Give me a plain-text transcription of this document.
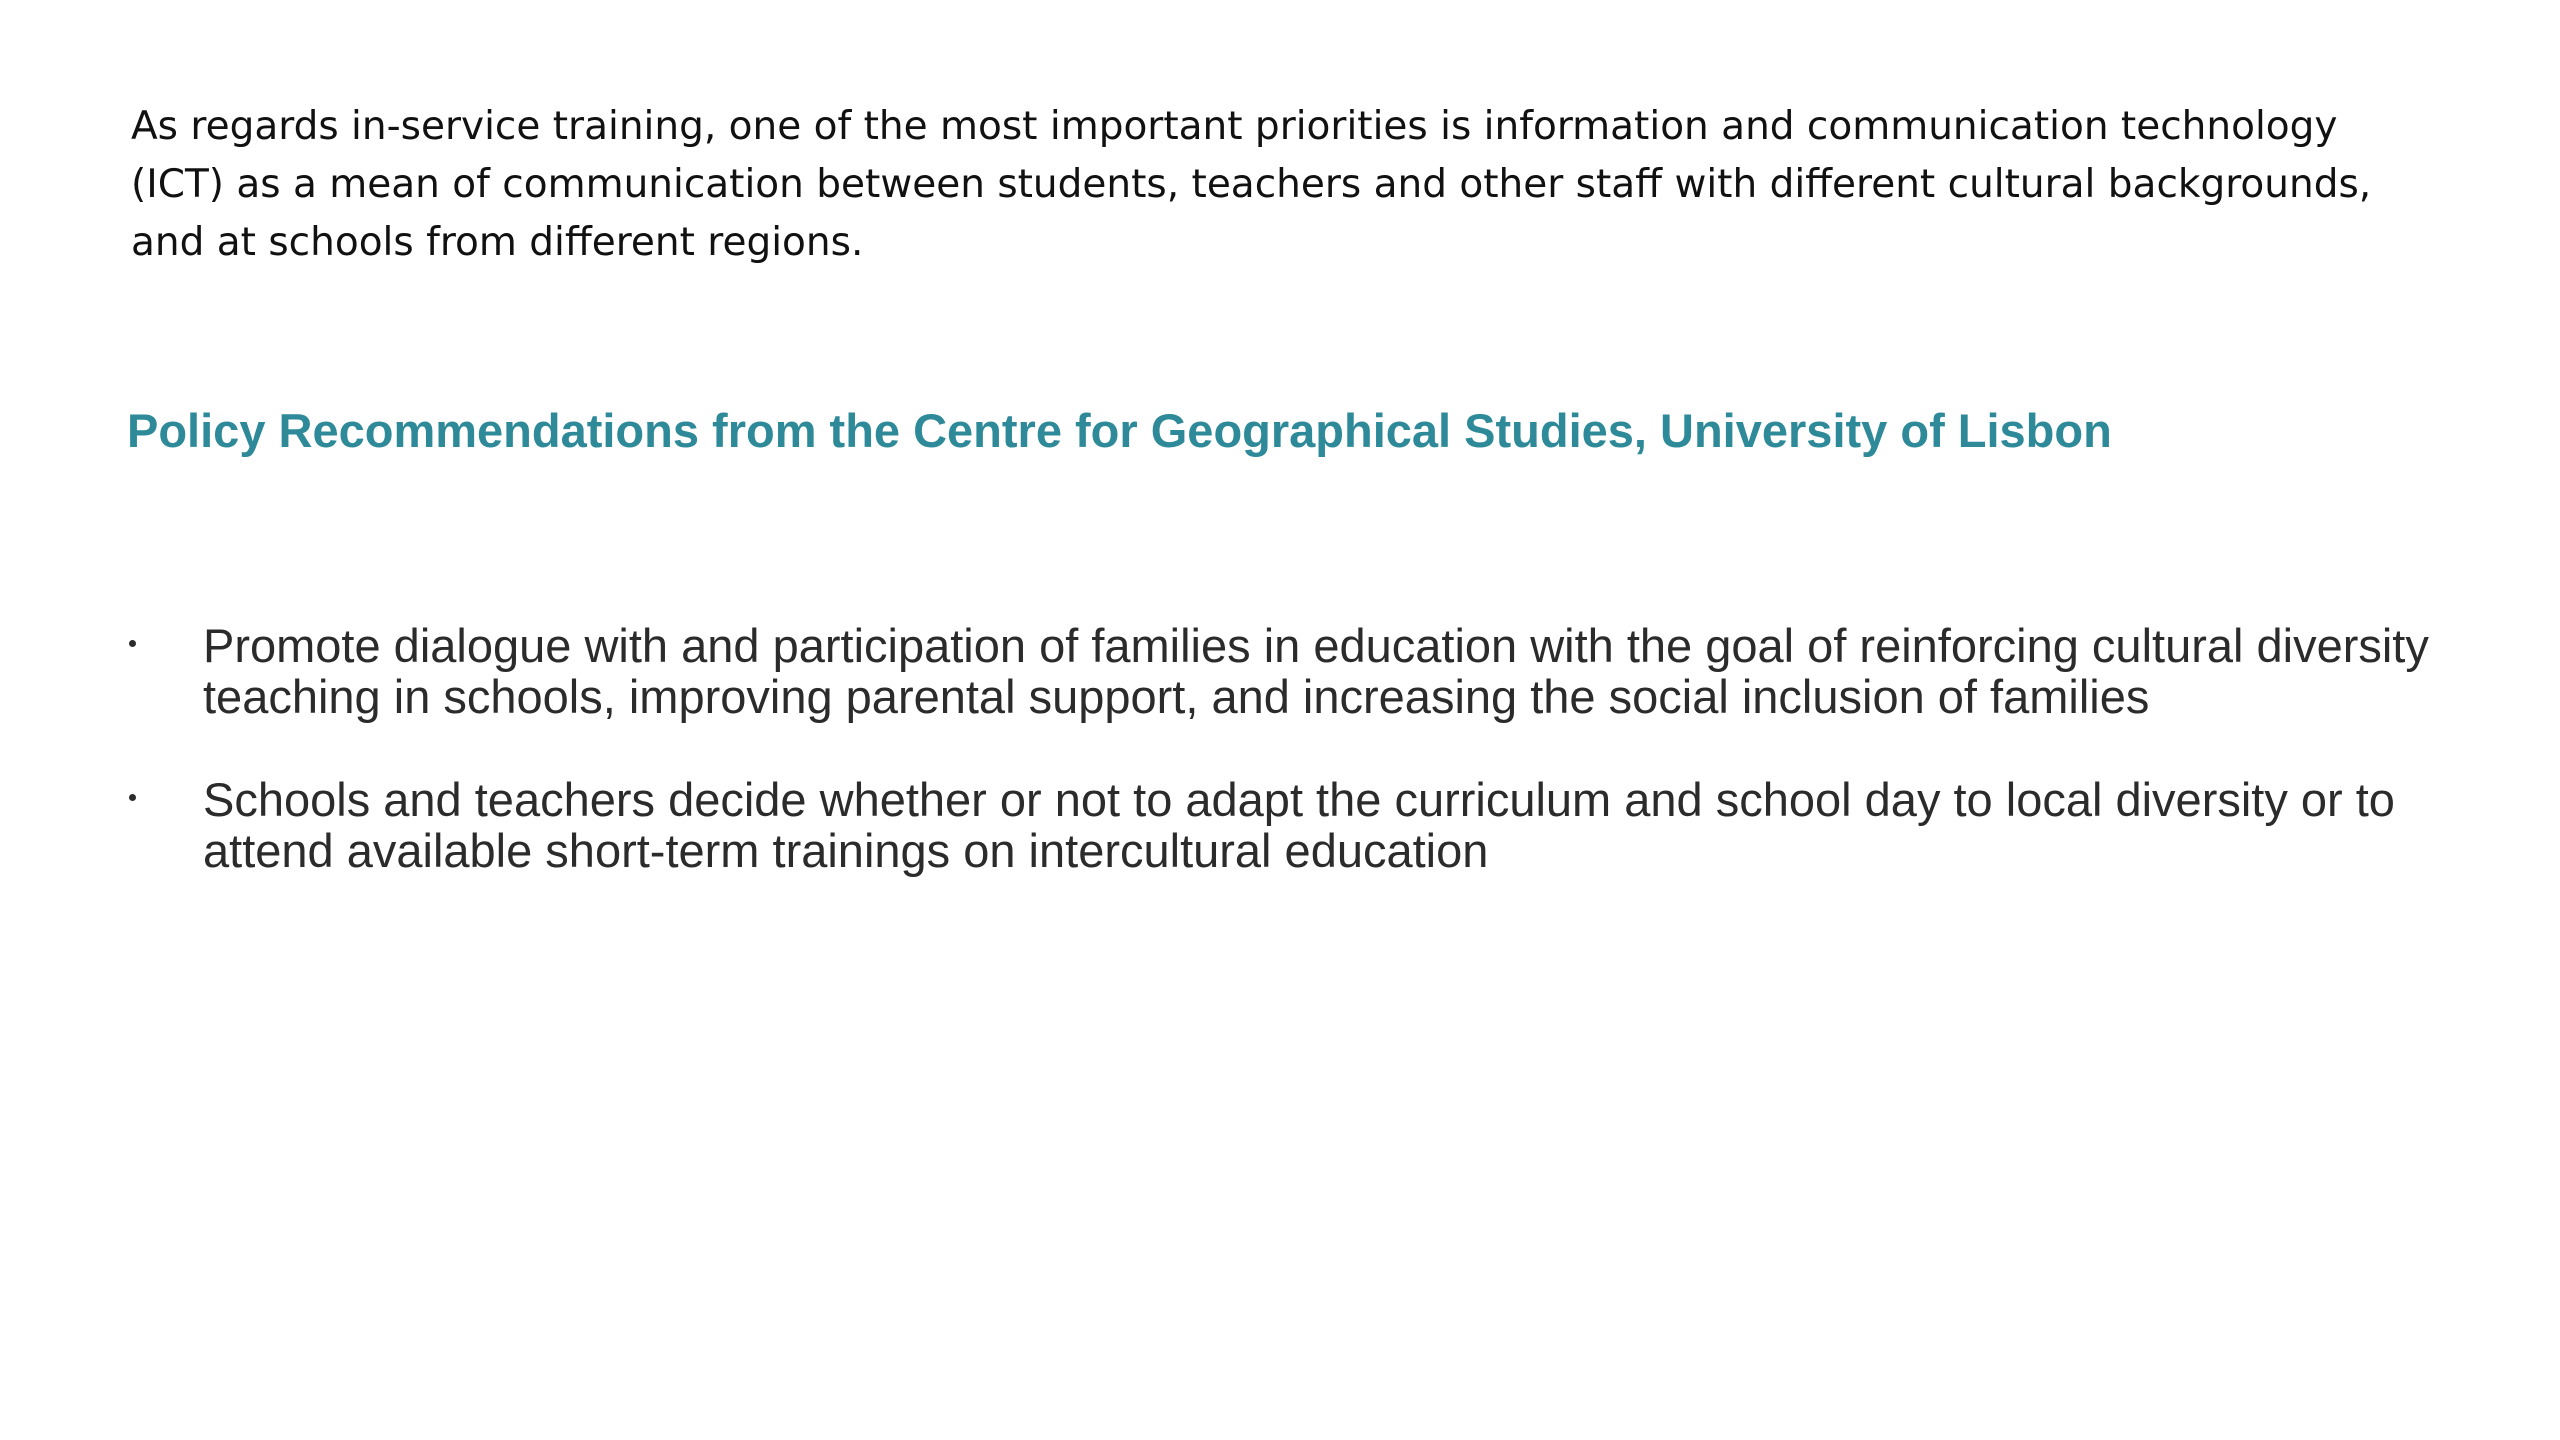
As regards in-service training, one of the most important priorities is information and communication technology (ICT) as a mean of communication between students, teachers and other staff with different cultural backgrounds, and at schools from different regions.

Policy Recommendations from the Centre for Geographical Studies, University of Lisbon
Promote dialogue with and participation of families in education with the goal of reinforcing cultural diversity teaching in schools, improving parental support, and increasing the social inclusion of families
Schools and teachers decide whether or not to adapt the curriculum and school day to local diversity or to attend available short-term trainings on intercultural education
